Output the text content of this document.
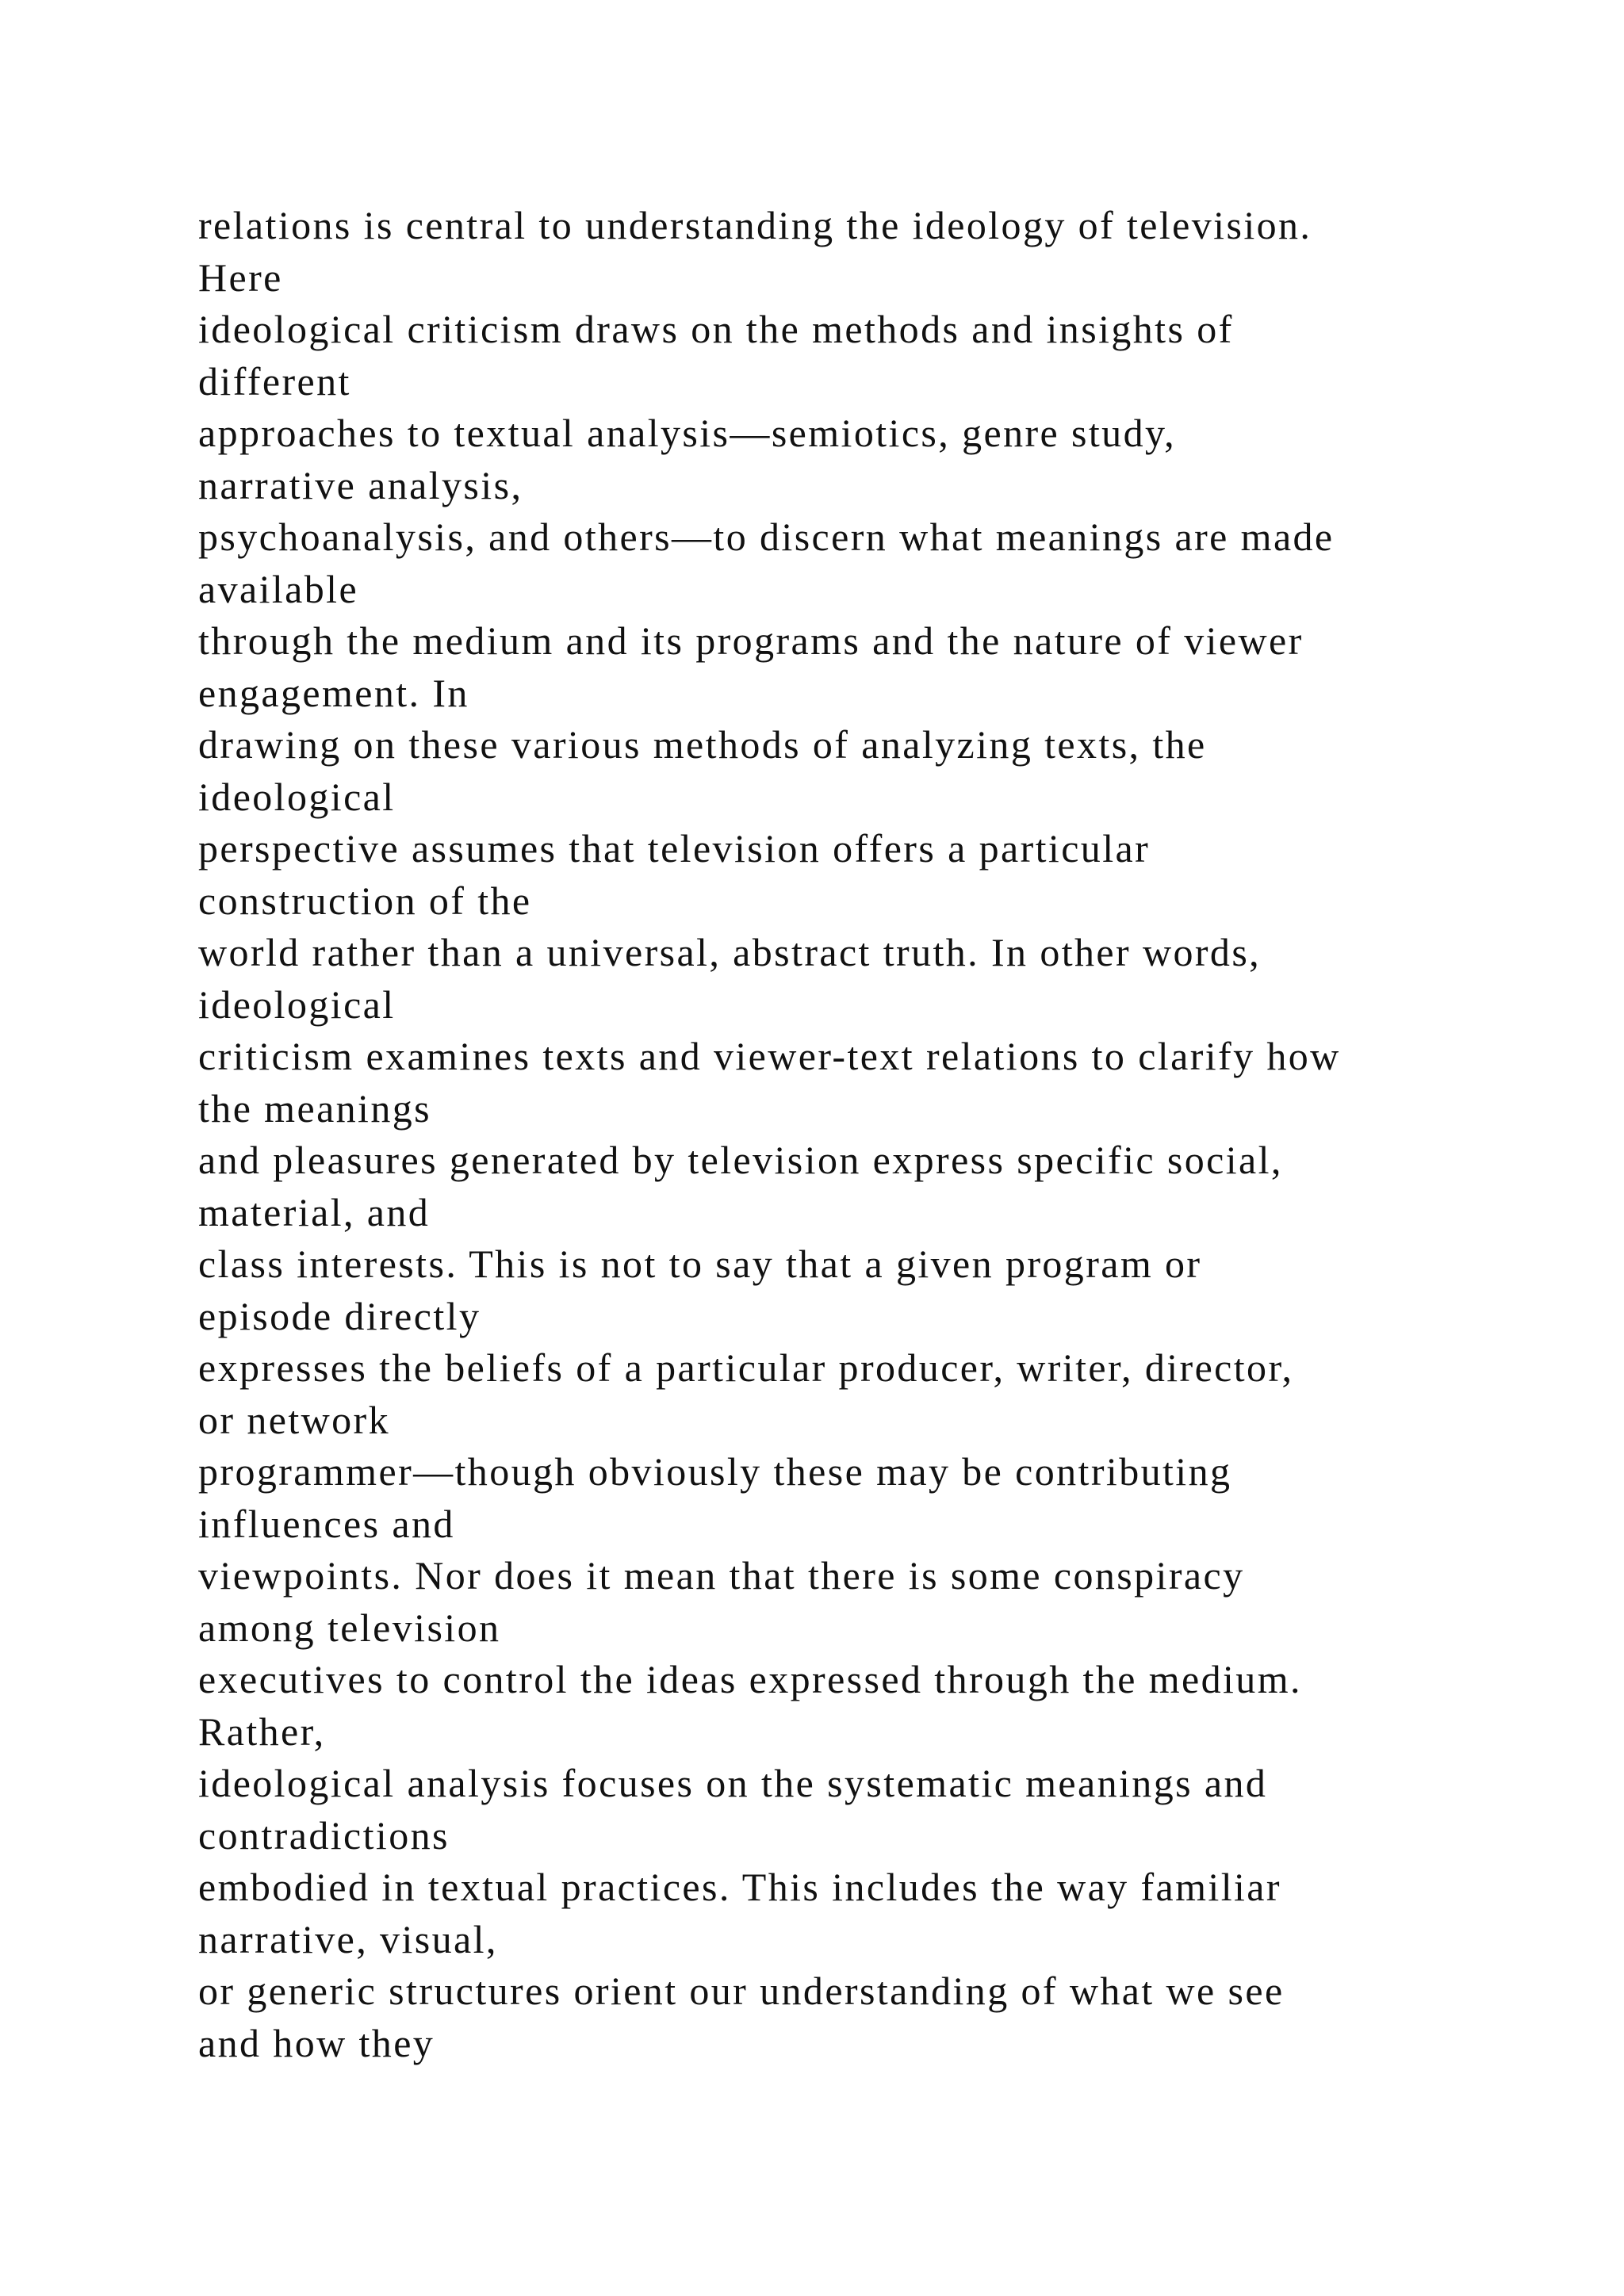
relations is central to understanding the ideology of television.
Here
ideological criticism draws on the methods and insights of
different
approaches to textual analysis—semiotics, genre study,
narrative analysis,
psychoanalysis, and others—to discern what meanings are made
available
through the medium and its programs and the nature of viewer
engagement. In
drawing on these various methods of analyzing texts, the
ideological
perspective assumes that television offers a particular
construction of the
world rather than a universal, abstract truth. In other words,
ideological
criticism examines texts and viewer-text relations to clarify how
the meanings
and pleasures generated by television express specific social,
material, and
class interests. This is not to say that a given program or
episode directly
expresses the beliefs of a particular producer, writer, director,
or network
programmer—though obviously these may be contributing
influences and
viewpoints. Nor does it mean that there is some conspiracy
among television
executives to control the ideas expressed through the medium.
Rather,
ideological analysis focuses on the systematic meanings and
contradictions
embodied in textual practices. This includes the way familiar
narrative, visual,
or generic structures orient our understanding of what we see
and how they
